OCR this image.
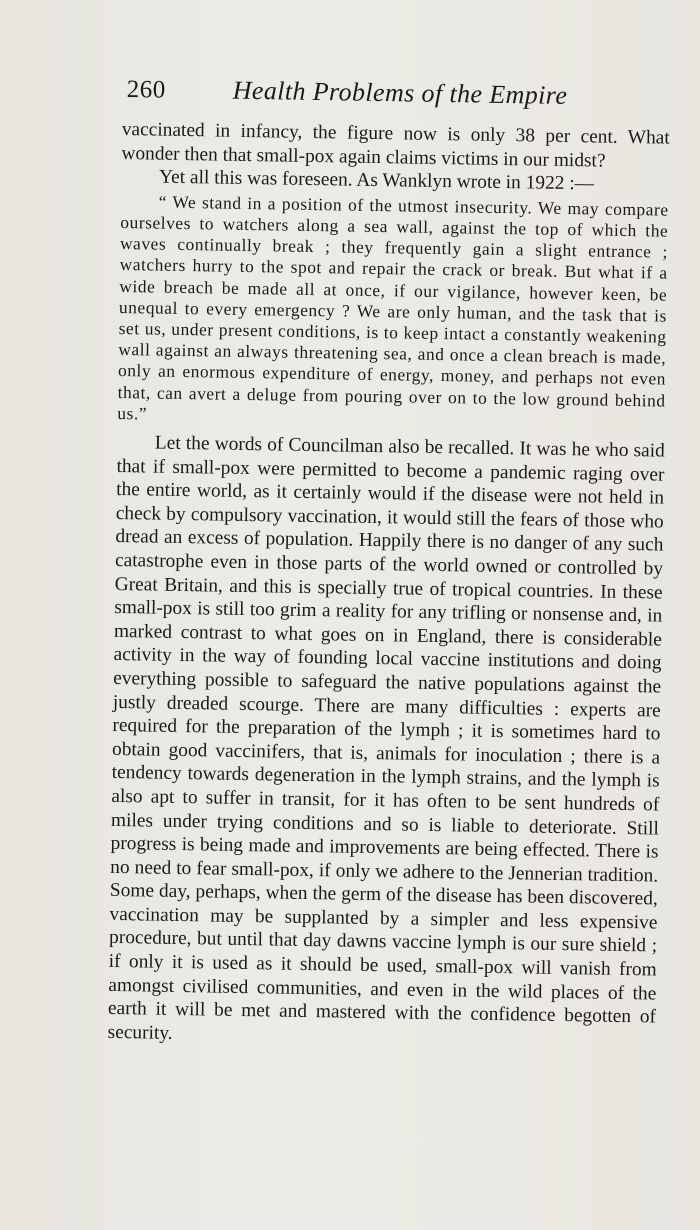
260	Health Problems of the Empire

vaccinated in infancy, the figure now is only 38 per cent. What wonder then that small-pox again claims victims in our midst?

Yet all this was foreseen. As Wanklyn wrote in 1922 :—

“ We stand in a position of the utmost insecurity. We may compare ourselves to watchers along a sea wall, against the top of which the waves continually break ; they frequently gain a slight entrance ; watchers hurry to the spot and repair the crack or break. But what if a wide breach be made all at once, if our vigilance, however keen, be unequal to every emergency ? We are only human, and the task that is set us, under present conditions, is to keep intact a constantly weakening wall against an always threatening sea, and once a clean breach is made, only an enormous expenditure of energy, money, and perhaps not even that, can avert a deluge from pouring over on to the low ground behind us.”

Let the words of Councilman also be recalled. It was he who said that if small-pox were permitted to become a pandemic raging over the entire world, as it certainly would if the disease were not held in check by compulsory vaccination, it would still the fears of those who dread an excess of population. Happily there is no danger of any such catastrophe even in those parts of the world owned or controlled by Great Britain, and this is specially true of tropical countries. In these small-pox is still too grim a reality for any trifling or nonsense and, in marked contrast to what goes on in England, there is considerable activity in the way of founding local vaccine institutions and doing everything possible to safeguard the native populations against the justly dreaded scourge. There are many difficulties : experts are required for the preparation of the lymph ; it is sometimes hard to obtain good vaccinifers, that is, animals for inoculation ; there is a tendency towards degeneration in the lymph strains, and the lymph is also apt to suffer in transit, for it has often to be sent hundreds of miles under trying conditions and so is liable to deteriorate. Still progress is being made and improvements are being effected. There is no need to fear small-pox, if only we adhere to the Jennerian tradition. Some day, perhaps, when the germ of the disease has been discovered, vaccination may be supplanted by a simpler and less expensive procedure, but until that day dawns vaccine lymph is our sure shield ; if only it is used as it should be used, small-pox will vanish from amongst civilised communities, and even in the wild places of the earth it will be met and mastered with the confidence begotten of security.
